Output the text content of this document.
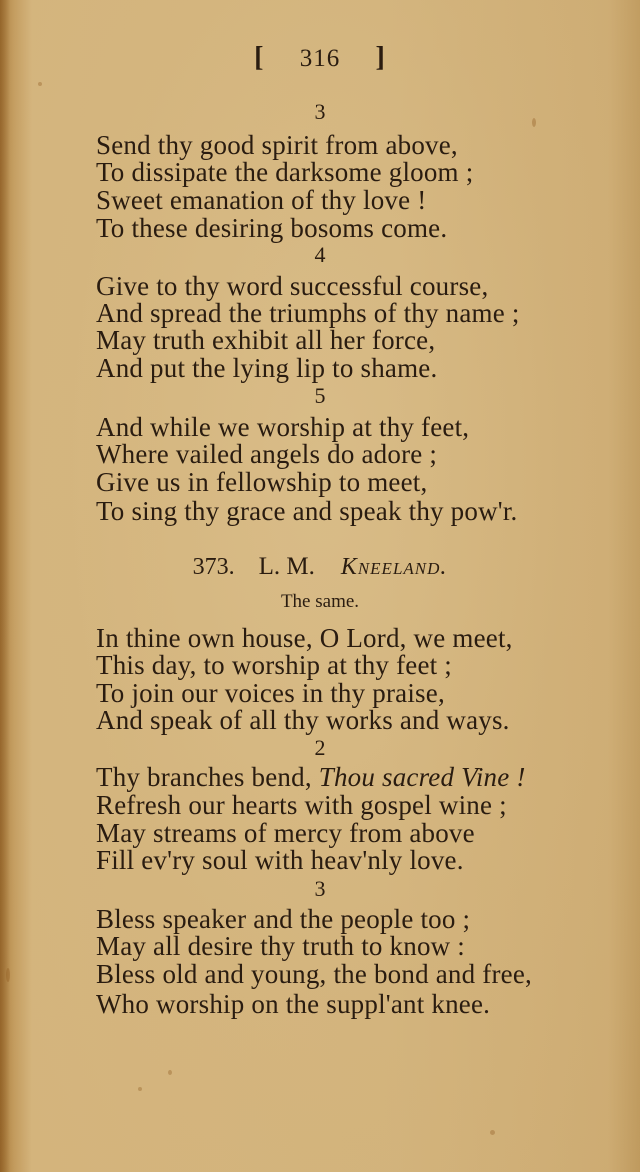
[ 316 ]
3
Send thy good spirit from above,
To dissipate the darksome gloom ;
Sweet emanation of thy love !
To these desiring bosoms come.
4
Give to thy word successful course,
And spread the triumphs of thy name ;
May truth exhibit all her force,
And put the lying lip to shame.
5
And while we worship at thy feet,
Where vailed angels do adore ;
Give us in fellowship to meet,
To sing thy grace and speak thy pow'r.
373. L. M. Kneeland.
The same.
In thine own house, O Lord, we meet,
This day, to worship at thy feet ;
To join our voices in thy praise,
And speak of all thy works and ways.
2
Thy branches bend, Thou sacred Vine !
Refresh our hearts with gospel wine ;
May streams of mercy from above
Fill ev'ry soul with heav'nly love.
3
Bless speaker and the people too ;
May all desire thy truth to know :
Bless old and young, the bond and free,
Who worship on the suppl'ant knee.
